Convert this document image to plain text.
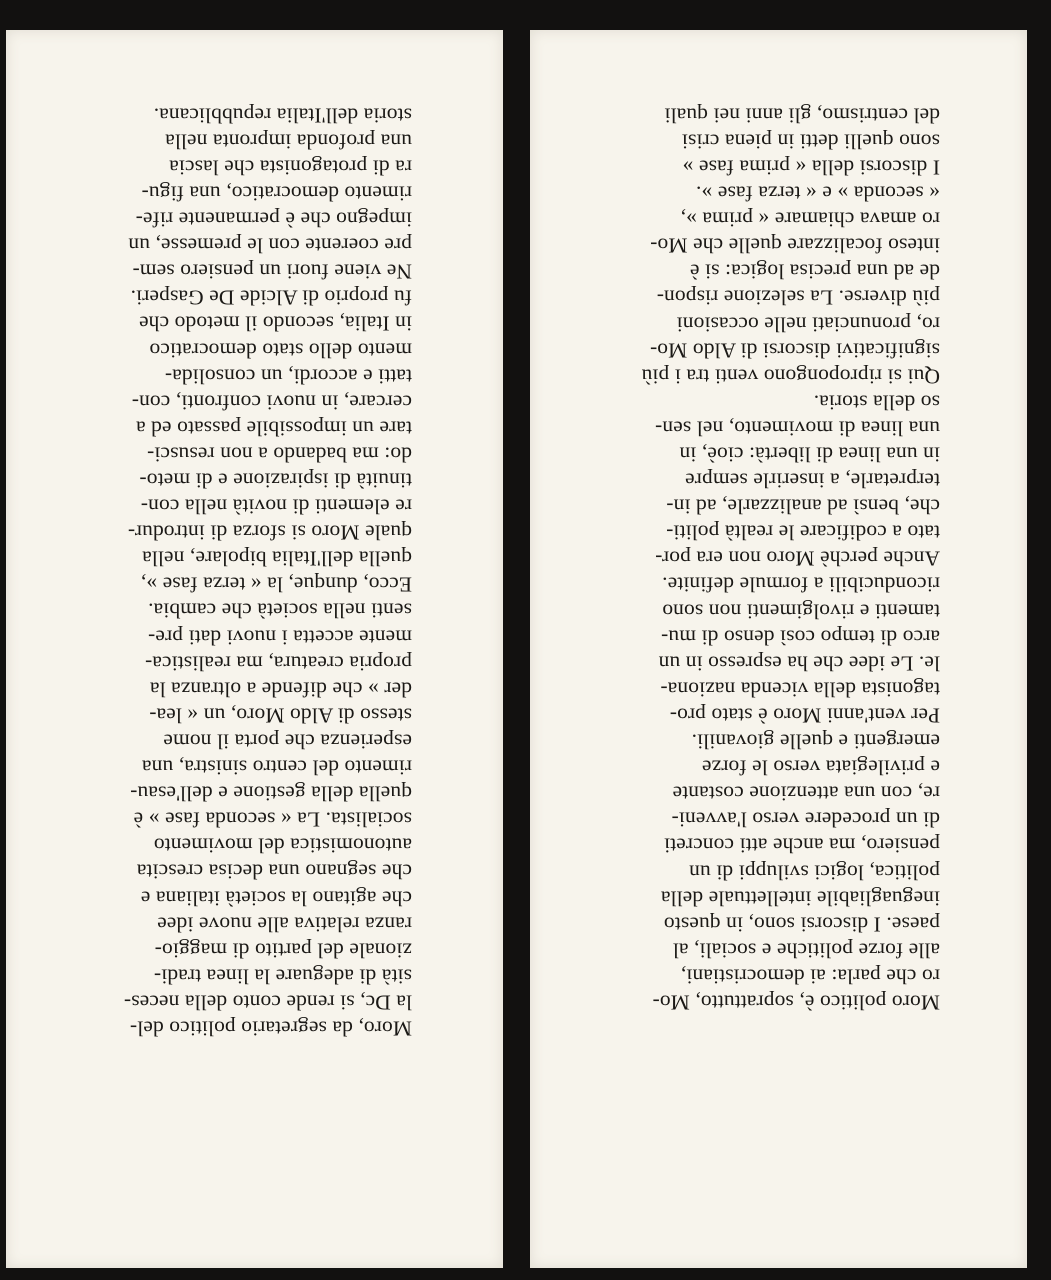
Moro, da segretario politico del-
la Dc, si rende conto della neces-
sità di adeguare la linea tradi-
zionale del partito di maggio-
ranza relativa alle nuove idee
che agitano la società italiana e
che segnano una decisa crescita
autonomistica del movimento
socialista. La « seconda fase » è
quella della gestione e dell'esau-
rimento del centro sinistra, una
esperienza che porta il nome
stesso di Aldo Moro, un « lea-
der » che difende a oltranza la
propria creatura, ma realistica-
mente accetta i nuovi dati pre-
senti nella società che cambia.
Ecco, dunque, la « terza fase »,
quella dell'Italia bipolare, nella
quale Moro si sforza di introdur-
re elementi di novità nella con-
tinuità di ispirazione e di meto-
do: ma badando a non resusci-
tare un impossibile passato ed a
cercare, in nuovi confronti, con-
tatti e accordi, un consolida-
mento dello stato democratico
in Italia, secondo il metodo che
fu proprio di Alcide De Gasperi.
Ne viene fuori un pensiero sem-
pre coerente con le premesse, un
impegno che è permanente rife-
rimento democratico, una figu-
ra di protagonista che lascia
una profonda impronta nella
storia dell'Italia repubblicana.
Moro politico è, soprattutto, Mo-
ro che parla: ai democristiani,
alle forze politiche e sociali, al
paese. I discorsi sono, in questo
ineguagliabile intellettuale della
politica, logici sviluppi di un
pensiero, ma anche atti concreti
di un procedere verso l'avveni-
re, con una attenzione costante
e privilegiata verso le forze
emergenti e quelle giovanili.
Per vent'anni Moro è stato pro-
tagonista della vicenda naziona-
le. Le idee che ha espresso in un
arco di tempo così denso di mu-
tamenti e rivolgimenti non sono
riconducibili a formule definite.
Anche perchè Moro non era por-
tato a codificare le realtà politi-
che, bensì ad analizzarle, ad in-
terpretarle, a inserirle sempre
in una linea di libertà: cioè, in
una linea di movimento, nel sen-
so della storia.
Qui si ripropongono venti tra i più
significativi discorsi di Aldo Mo-
ro, pronunciati nelle occasioni
più diverse. La selezione rispon-
de ad una precisa logica: si è
inteso focalizzare quelle che Mo-
ro amava chiamare « prima »,
« seconda » e « terza fase ».
I discorsi della « prima fase »
sono quelli detti in piena crisi
del centrismo, gli anni nei quali
